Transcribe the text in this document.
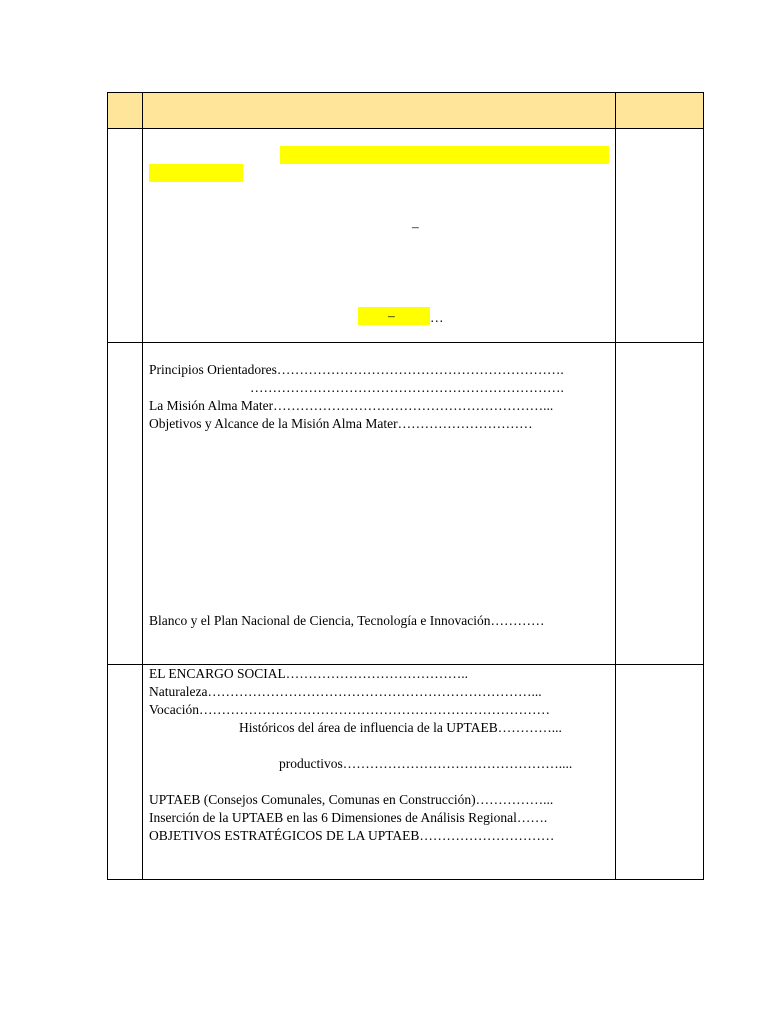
–
–	…
Principios Orientadores……………………………………………………….
…………………………………………………………….
La Misión Alma Mater……………………………………………………...
Objetivos y Alcance de la Misión Alma Mater…………………………
Blanco y el Plan Nacional de Ciencia, Tecnología e Innovación…………
EL ENCARGO SOCIAL…………………………………..
Naturaleza………………………………………………………………...
Vocación……………………………………………………………………
Históricos del área de influencia de la UPTAEB…………...
productivos…………………………………………....
UPTAEB (Consejos Comunales, Comunas en Construcción)……………...
Inserción de la UPTAEB en las 6 Dimensiones de Análisis Regional…….
OBJETIVOS ESTRATÉGICOS DE LA UPTAEB…………………………
